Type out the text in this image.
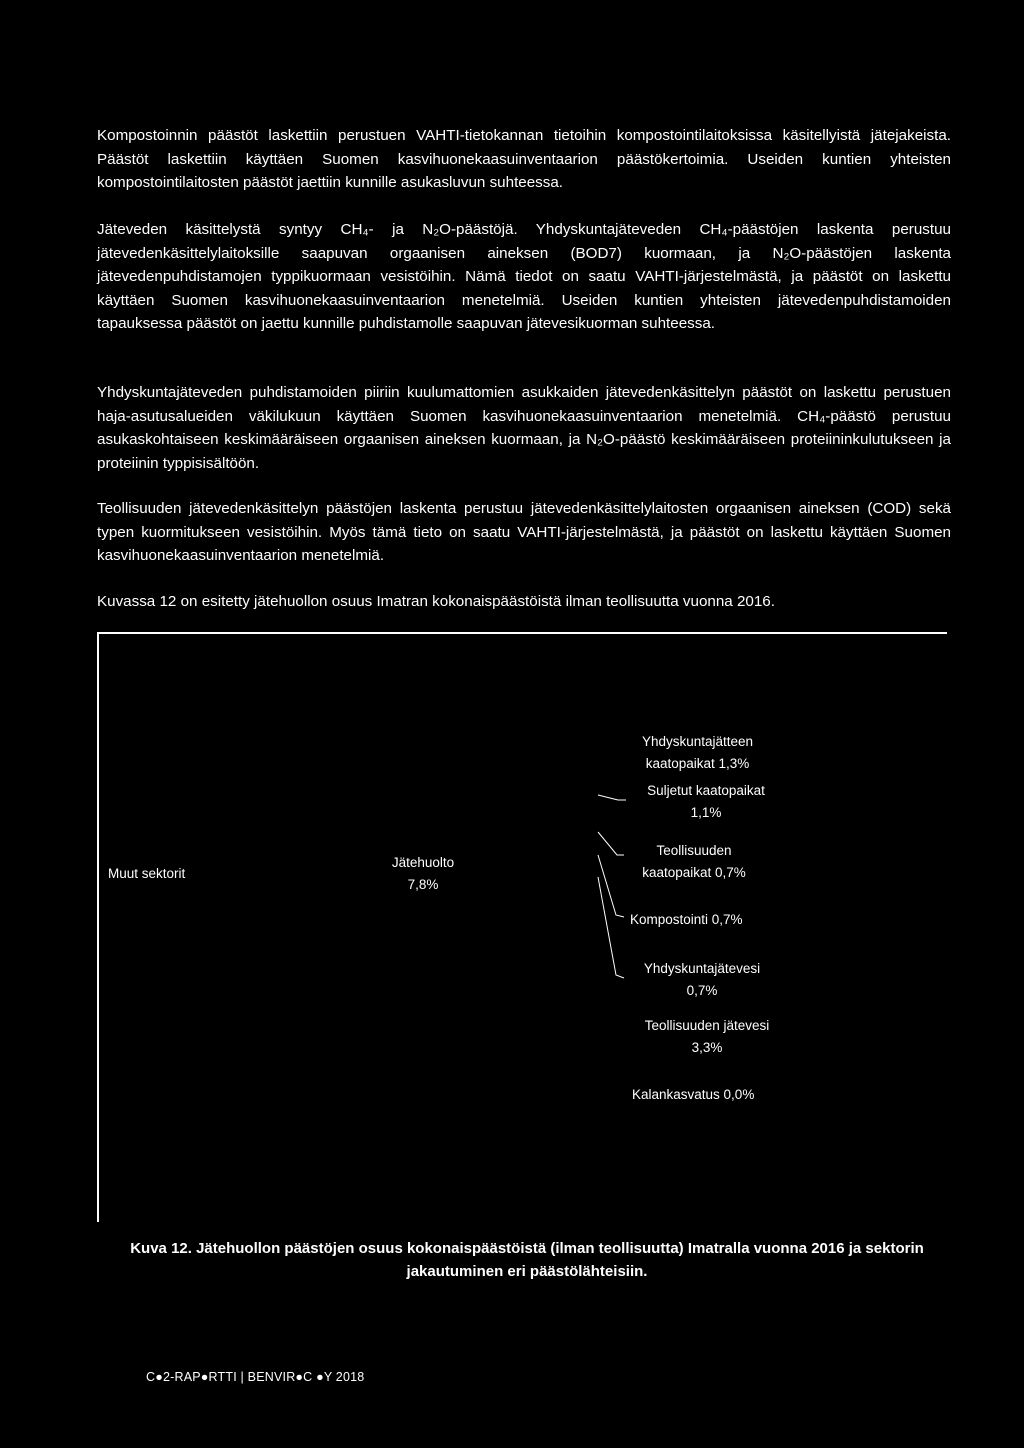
Kompostoinnin päästöt laskettiin perustuen VAHTI-tietokannan tietoihin kompostointilaitoksissa käsitellyistä jätejakeista. Päästöt laskettiin käyttäen Suomen kasvihuonekaasuinventaarion päästökertoimia. Useiden kuntien yhteisten kompostointilaitosten päästöt jaettiin kunnille asukasluvun suhteessa.

Jäteveden käsittelystä syntyy CH₄- ja N₂O-päästöjä. Yhdyskuntajäteveden CH₄-päästöjen laskenta perustuu jätevedenkäsittelylaitoksille saapuvan orgaanisen aineksen (BOD7) kuormaan, ja N₂O-päästöjen laskenta jätevedenpuhdistamojen typpikuormaan vesistöihin. Nämä tiedot on saatu VAHTI-järjestelmästä, ja päästöt on laskettu käyttäen Suomen kasvihuonekaasuinventaarion menetelmiä. Useiden kuntien yhteisten jätevedenpuhdistamoiden tapauksessa päästöt on jaettu kunnille puhdistamolle saapuvan jätevesikuorman suhteessa.

Yhdyskuntajäteveden puhdistamoiden piiriin kuulumattomien asukkaiden jätevedenkäsittelyn päästöt on laskettu perustuen haja-asutusalueiden väkilukuun käyttäen Suomen kasvihuonekaasuinventaarion menetelmiä. CH₄-päästö perustuu asukaskohtaiseen keskimääräiseen orgaanisen aineksen kuormaan, ja N₂O-päästö keskimääräiseen proteiininkulutukseen ja proteiinin typpisisältöön.

Teollisuuden jätevedenkäsittelyn päästöjen laskenta perustuu jätevedenkäsittelylaitosten orgaanisen aineksen (COD) sekä typen kuormitukseen vesistöihin. Myös tämä tieto on saatu VAHTI-järjestelmästä, ja päästöt on laskettu käyttäen Suomen kasvihuonekaasuinventaarion menetelmiä.

Kuvassa 12 on esitetty jätehuollon osuus Imatran kokonaispäästöistä ilman teollisuutta vuonna 2016.

Muut sektorit
Jätehuolto
7,8%
Yhdyskuntajätteen
kaatopaikat 1,3%
Suljetut kaatopaikat
1,1%
Teollisuuden
kaatopaikat 0,7%
Kompostointi 0,7%
Yhdyskuntajätevesi
0,7%
Teollisuuden jätevesi
3,3%
Kalankasvatus 0,0%
Kuva 12. Jätehuollon päästöjen osuus kokonaispäästöistä (ilman teollisuutta) Imatralla vuonna 2016 ja sektorin jakautuminen eri päästölähteisiin.
C●2-RAP●RTTI | BENVIR●C ●Y 2018
